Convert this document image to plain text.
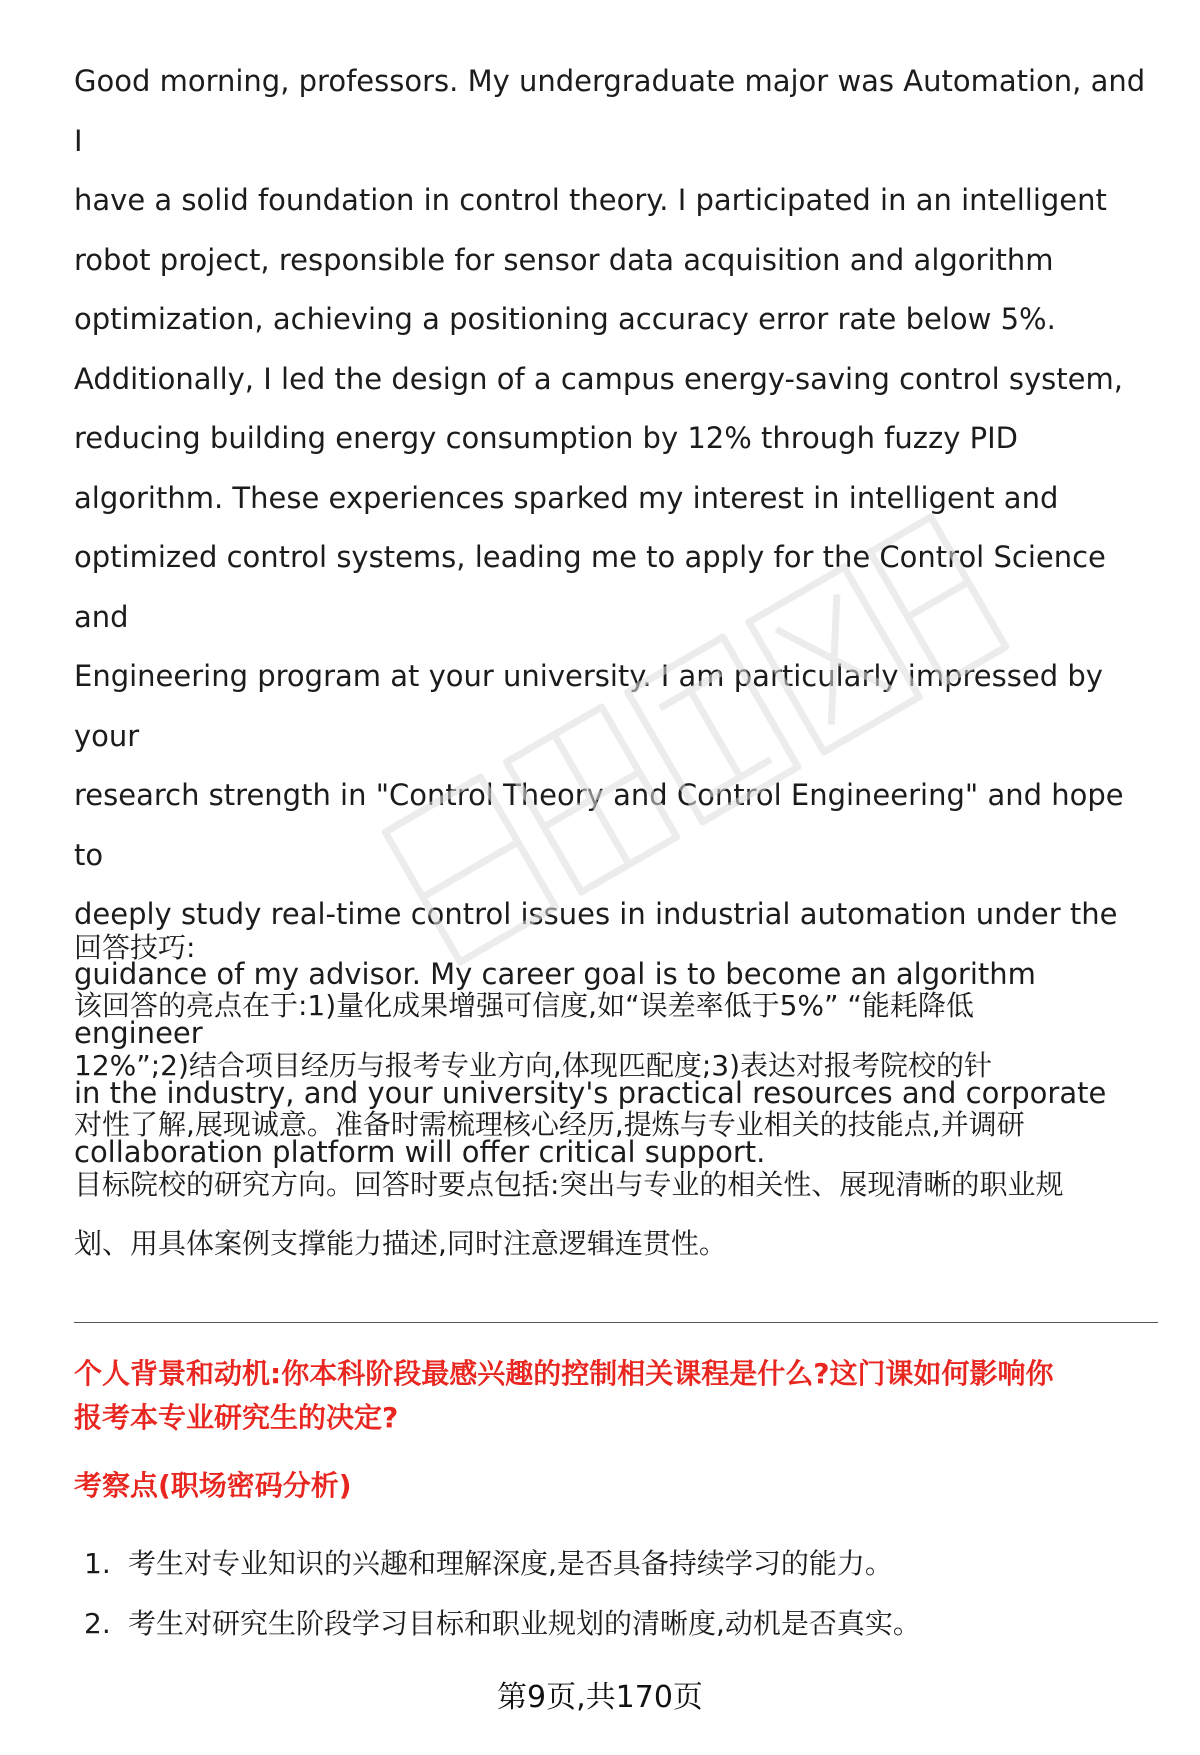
Good morning, professors. My undergraduate major was Automation, and I
have a solid foundation in control theory. I participated in an intelligent
robot project, responsible for sensor data acquisition and algorithm
optimization, achieving a positioning accuracy error rate below 5%.
Additionally, I led the design of a campus energy-saving control system,
reducing building energy consumption by 12% through fuzzy PID
algorithm. These experiences sparked my interest in intelligent and
optimized control systems, leading me to apply for the Control Science and
Engineering program at your university. I am particularly impressed by your
research strength in "Control Theory and Control Engineering" and hope to
deeply study real-time control issues in industrial automation under the
guidance of my advisor. My career goal is to become an algorithm engineer
in the industry, and your university's practical resources and corporate
collaboration platform will offer critical support.
回答技巧:
该回答的亮点在于:1)量化成果增强可信度,如“误差率低于5%” “能耗降低
12%”;2)结合项目经历与报考专业方向,体现匹配度;3)表达对报考院校的针
对性了解,展现诚意。准备时需梳理核心经历,提炼与专业相关的技能点,并调研
目标院校的研究方向。回答时要点包括:突出与专业的相关性、展现清晰的职业规
划、用具体案例支撑能力描述,同时注意逻辑连贯性。
个人背景和动机:你本科阶段最感兴趣的控制相关课程是什么?这门课如何影响你
报考本专业研究生的决定?
考察点(职场密码分析)
1. 考生对专业知识的兴趣和理解深度,是否具备持续学习的能力。
2. 考生对研究生阶段学习目标和职业规划的清晰度,动机是否真实。
第9页,共170页
